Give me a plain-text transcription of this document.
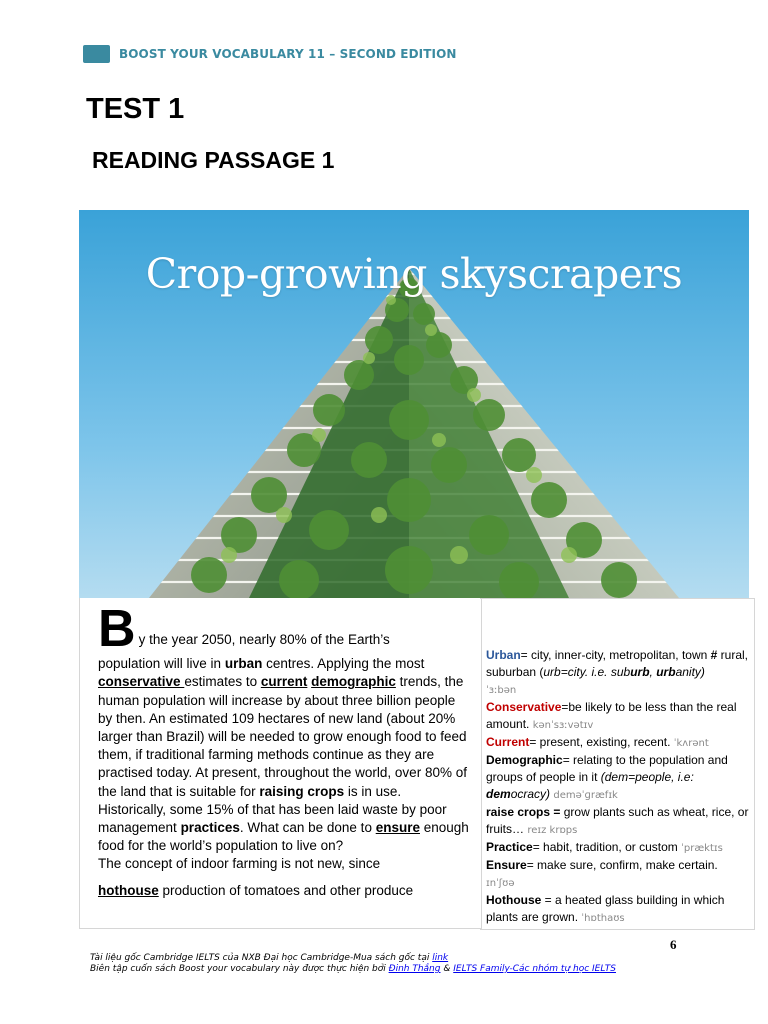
BOOST YOUR VOCABULARY 11 – SECOND EDITION
TEST 1
READING PASSAGE 1
Crop-growing skyscrapers
B y the year 2050, nearly 80% of the Earth’s
population will live in urban centres. Applying the most conservative estimates to current demographic trends, the human population will increase by about three billion people by then. An estimated 109 hectares of new land (about 20% larger than Brazil) will be needed to grow enough food to feed them, if traditional farming methods continue as they are practised today. At present, throughout the world, over 80% of the land that is suitable for raising crops is in use. Historically, some 15% of that has been laid waste by poor management practices. What can be done to ensure enough food for the world’s population to live on?
The concept of indoor farming is not new, since
hothouse production of tomatoes and other produce

Urban= city, inner-city, metropolitan, town # rural, suburban (urb=city. i.e. suburb, urbanity)
ˈɜːbən

Conservative=be likely to be less than the real amount. kənˈsɜːvətɪv

Current= present, existing, recent. ˈkʌrənt

Demographic= relating to the population and groups of people in it (dem=people, i.e: democracy) deməˈɡræfɪk

raise crops = grow plants such as wheat, rice, or fruits… reɪz krɒps

Practice= habit, tradition, or custom ˈpræktɪs

Ensure= make sure, confirm, make certain.
ɪnˈʃʊə

Hothouse = a heated glass building in which plants are grown. ˈhɒthaʊs

6
Tài liệu gốc Cambridge IELTS của NXB Đại học Cambridge-Mua sách gốc tại link
Biên tập cuốn sách Boost your vocabulary này được thực hiện bởi Đinh Thắng & IELTS Family-Các nhóm tự học IELTS
